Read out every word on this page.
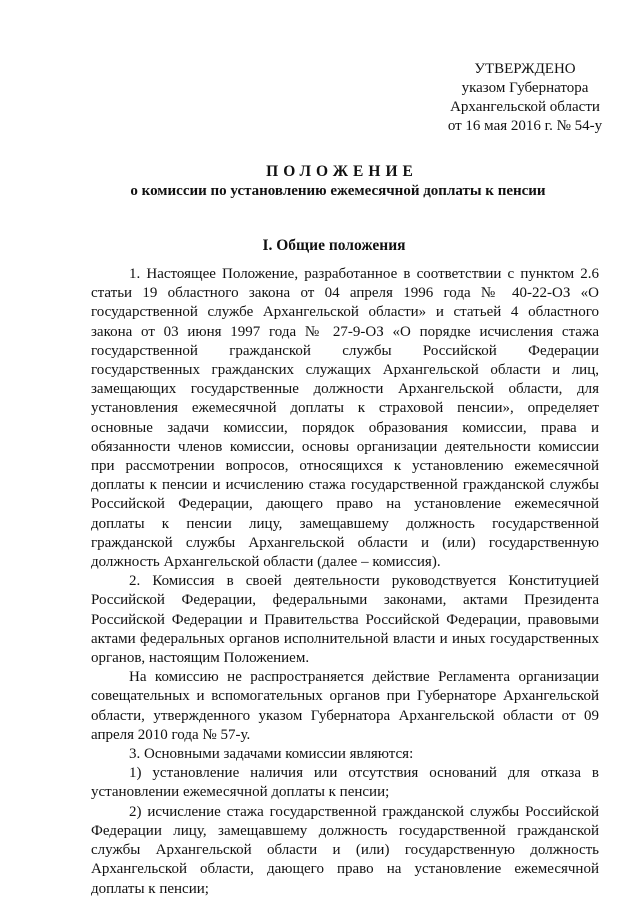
УТВЕРЖДЕНО
указом Губернатора
Архангельской области
от 16 мая 2016 г. № 54-у
ПОЛОЖЕНИЕ
о комиссии по установлению ежемесячной доплаты к пенсии
I. Общие положения

1. Настоящее Положение, разработанное в соответствии с пунктом 2.6 статьи 19 областного закона от 04 апреля 1996 года № 40-22-ОЗ «О государственной службе Архангельской области» и статьей 4 областного закона от 03 июня 1997 года № 27-9-ОЗ «О порядке исчисления стажа государственной гражданской службы Российской Федерации государственных гражданских служащих Архангельской области и лиц, замещающих государственные должности Архангельской области, для установления ежемесячной доплаты к страховой пенсии», определяет основные задачи комиссии, порядок образования комиссии, права и обязанности членов комиссии, основы организации деятельности комиссии при рассмотрении вопросов, относящихся к установлению ежемесячной доплаты к пенсии и исчислению стажа государственной гражданской службы Российской Федерации, дающего право на установление ежемесячной доплаты к пенсии лицу, замещавшему должность государственной гражданской службы Архангельской области и (или) государственную должность Архангельской области (далее – комиссия).

2. Комиссия в своей деятельности руководствуется Конституцией Российской Федерации, федеральными законами, актами Президента Российской Федерации и Правительства Российской Федерации, правовыми актами федеральных органов исполнительной власти и иных государственных органов, настоящим Положением.

На комиссию не распространяется действие Регламента организации совещательных и вспомогательных органов при Губернаторе Архангельской области, утвержденного указом Губернатора Архангельской области от 09 апреля 2010 года № 57-у.

3. Основными задачами комиссии являются:

1) установление наличия или отсутствия оснований для отказа в установлении ежемесячной доплаты к пенсии;

2) исчисление стажа государственной гражданской службы Российской Федерации лицу, замещавшему должность государственной гражданской службы Архангельской области и (или) государственную должность Архангельской области, дающего право на установление ежемесячной доплаты к пенсии;
